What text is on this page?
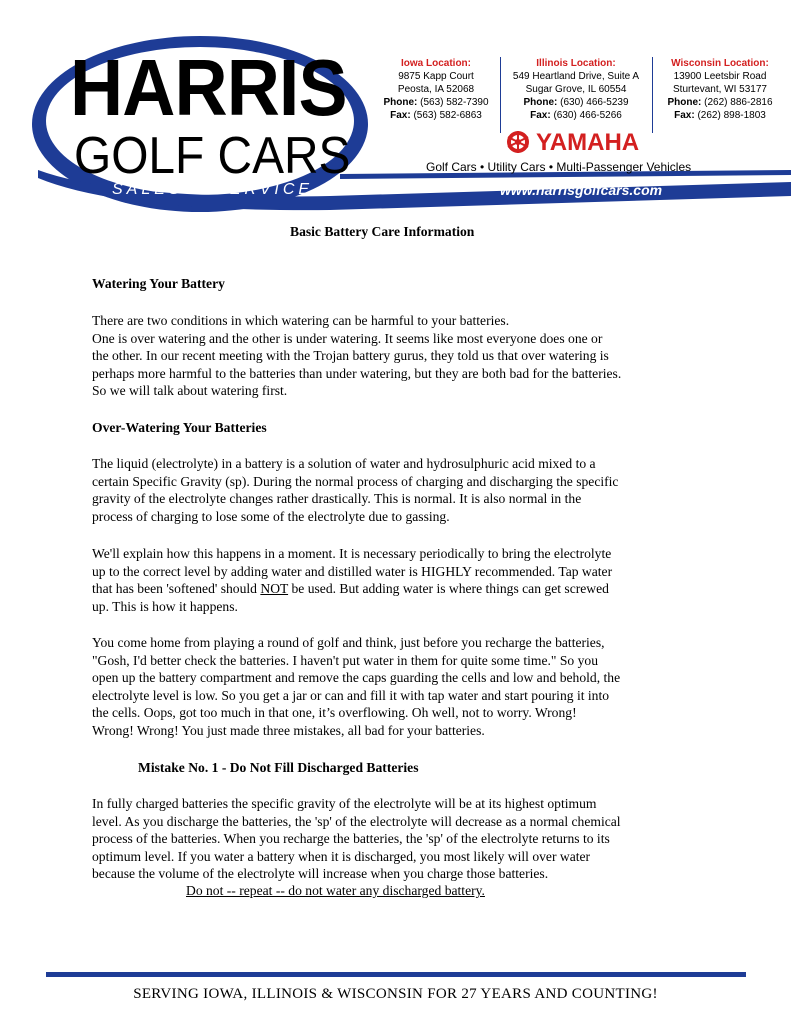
HARRIS
GOLF CARS
SALES & SERVICE
Iowa Location:
9875 Kapp Court
Peosta, IA 52068
Phone: (563) 582-7390
Fax: (563) 582-6863
Illinois Location:
549 Heartland Drive, Suite A
Sugar Grove, IL 60554
Phone: (630) 466-5239
Fax: (630) 466-5266
Wisconsin Location:
13900 Leetsbir Road
Sturtevant, WI 53177
Phone: (262) 886-2816
Fax: (262) 898-1803
YAMAHA
Golf Cars • Utility Cars • Multi-Passenger Vehicles
www.harrisgolfcars.com
Basic Battery Care Information
Watering Your Battery
There are two conditions in which watering can be harmful to your batteries.
One is over watering and the other is under watering. It seems like most everyone does one or
the other. In our recent meeting with the Trojan battery gurus, they told us that over watering is
perhaps more harmful to the batteries than under watering, but they are both bad for the batteries.
So we will talk about watering first.
Over-Watering Your Batteries
The liquid (electrolyte) in a battery is a solution of water and hydrosulphuric acid mixed to a
certain Specific Gravity (sp). During the normal process of charging and discharging the specific
gravity of the electrolyte changes rather drastically. This is normal. It is also normal in the
process of charging to lose some of the electrolyte due to gassing.
We'll explain how this happens in a moment. It is necessary periodically to bring the electrolyte
up to the correct level by adding water and distilled water is HIGHLY recommended. Tap water
that has been 'softened' should NOT be used. But adding water is where things can get screwed
up. This is how it happens.
You come home from playing a round of golf and think, just before you recharge the batteries,
"Gosh, I'd better check the batteries. I haven't put water in them for quite some time." So you
open up the battery compartment and remove the caps guarding the cells and low and behold, the
electrolyte level is low. So you get a jar or can and fill it with tap water and start pouring it into
the cells. Oops, got too much in that one, it’s overflowing. Oh well, not to worry. Wrong!
Wrong! Wrong! You just made three mistakes, all bad for your batteries.
Mistake No. 1 - Do Not Fill Discharged Batteries
In fully charged batteries the specific gravity of the electrolyte will be at its highest optimum
level. As you discharge the batteries, the 'sp' of the electrolyte will decrease as a normal chemical
process of the batteries. When you recharge the batteries, the 'sp' of the electrolyte returns to its
optimum level. If you water a battery when it is discharged, you most likely will over water
because the volume of the electrolyte will increase when you charge those batteries.
Do not -- repeat -- do not water any discharged battery.
SERVING IOWA, ILLINOIS & WISCONSIN FOR 27 YEARS AND COUNTING!
